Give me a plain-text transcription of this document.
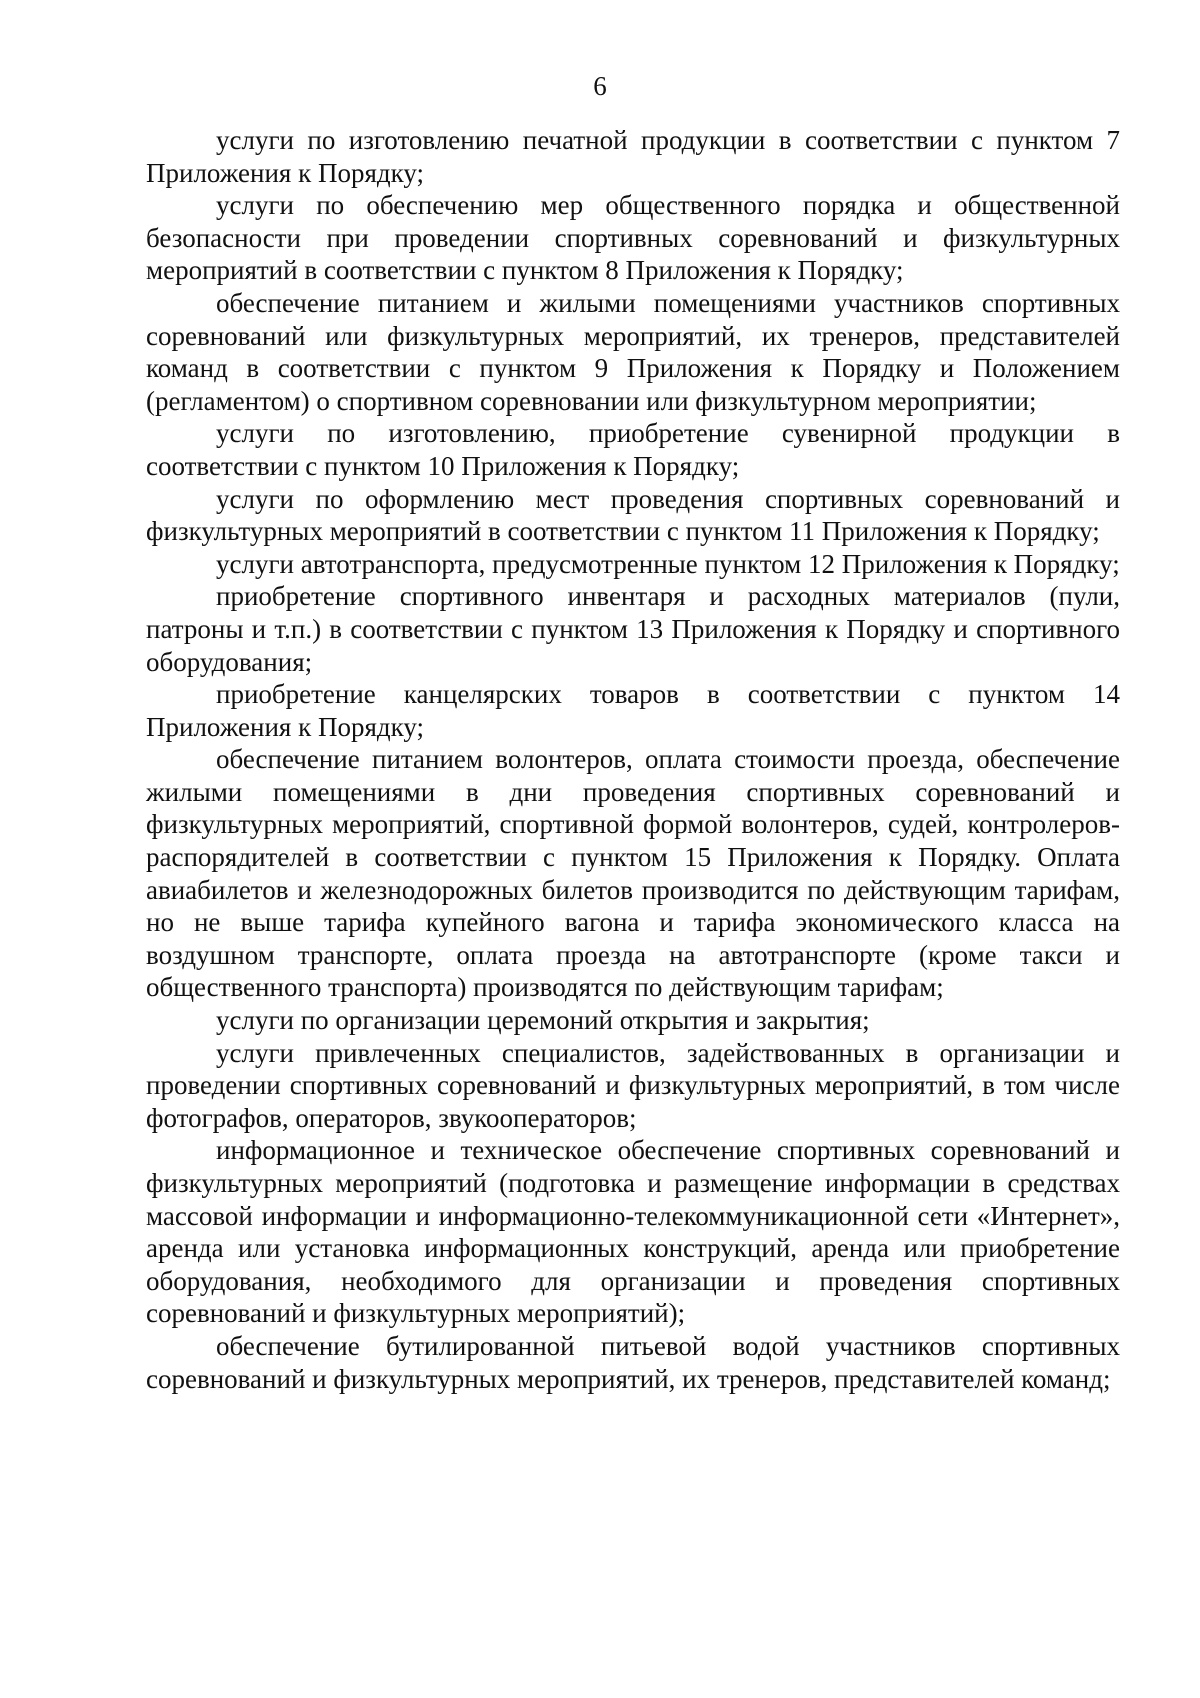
6

услуги по изготовлению печатной продукции в соответствии с пунктом 7 Приложения к Порядку;

услуги по обеспечению мер общественного порядка и общественной безопасности при проведении спортивных соревнований и физкультурных мероприятий в соответствии с пунктом 8 Приложения к Порядку;

обеспечение питанием и жилыми помещениями участников спортивных соревнований или физкультурных мероприятий, их тренеров, представителей команд в соответствии с пунктом 9 Приложения к Порядку и Положением (регламентом) о спортивном соревновании или физкультурном мероприятии;

услуги по изготовлению, приобретение сувенирной продукции в соответствии с пунктом 10 Приложения к Порядку;

услуги по оформлению мест проведения спортивных соревнований и физкультурных мероприятий в соответствии с пунктом 11 Приложения к Порядку;

услуги автотранспорта, предусмотренные пунктом 12 Приложения к Порядку;

приобретение спортивного инвентаря и расходных материалов (пули, патроны и т.п.) в соответствии с пунктом 13 Приложения к Порядку и спортивного оборудования;

приобретение канцелярских товаров в соответствии с пунктом 14 Приложения к Порядку;

обеспечение питанием волонтеров, оплата стоимости проезда, обеспечение жилыми помещениями в дни проведения спортивных соревнований и физкультурных мероприятий, спортивной формой волонтеров, судей, контролеров-распорядителей в соответствии с пунктом 15 Приложения к Порядку. Оплата авиабилетов и железнодорожных билетов производится по действующим тарифам, но не выше тарифа купейного вагона и тарифа экономического класса на воздушном транспорте, оплата проезда на автотранспорте (кроме такси и общественного транспорта) производятся по действующим тарифам;

услуги по организации церемоний открытия и закрытия;

услуги привлеченных специалистов, задействованных в организации и проведении спортивных соревнований и физкультурных мероприятий, в том числе фотографов, операторов, звукооператоров;

информационное и техническое обеспечение спортивных соревнований и физкультурных мероприятий (подготовка и размещение информации в средствах массовой информации и информационно-телекоммуникационной сети «Интернет», аренда или установка информационных конструкций, аренда или приобретение оборудования, необходимого для организации и проведения спортивных соревнований и физкультурных мероприятий);

обеспечение бутилированной питьевой водой участников спортивных соревнований и физкультурных мероприятий, их тренеров, представителей команд;
